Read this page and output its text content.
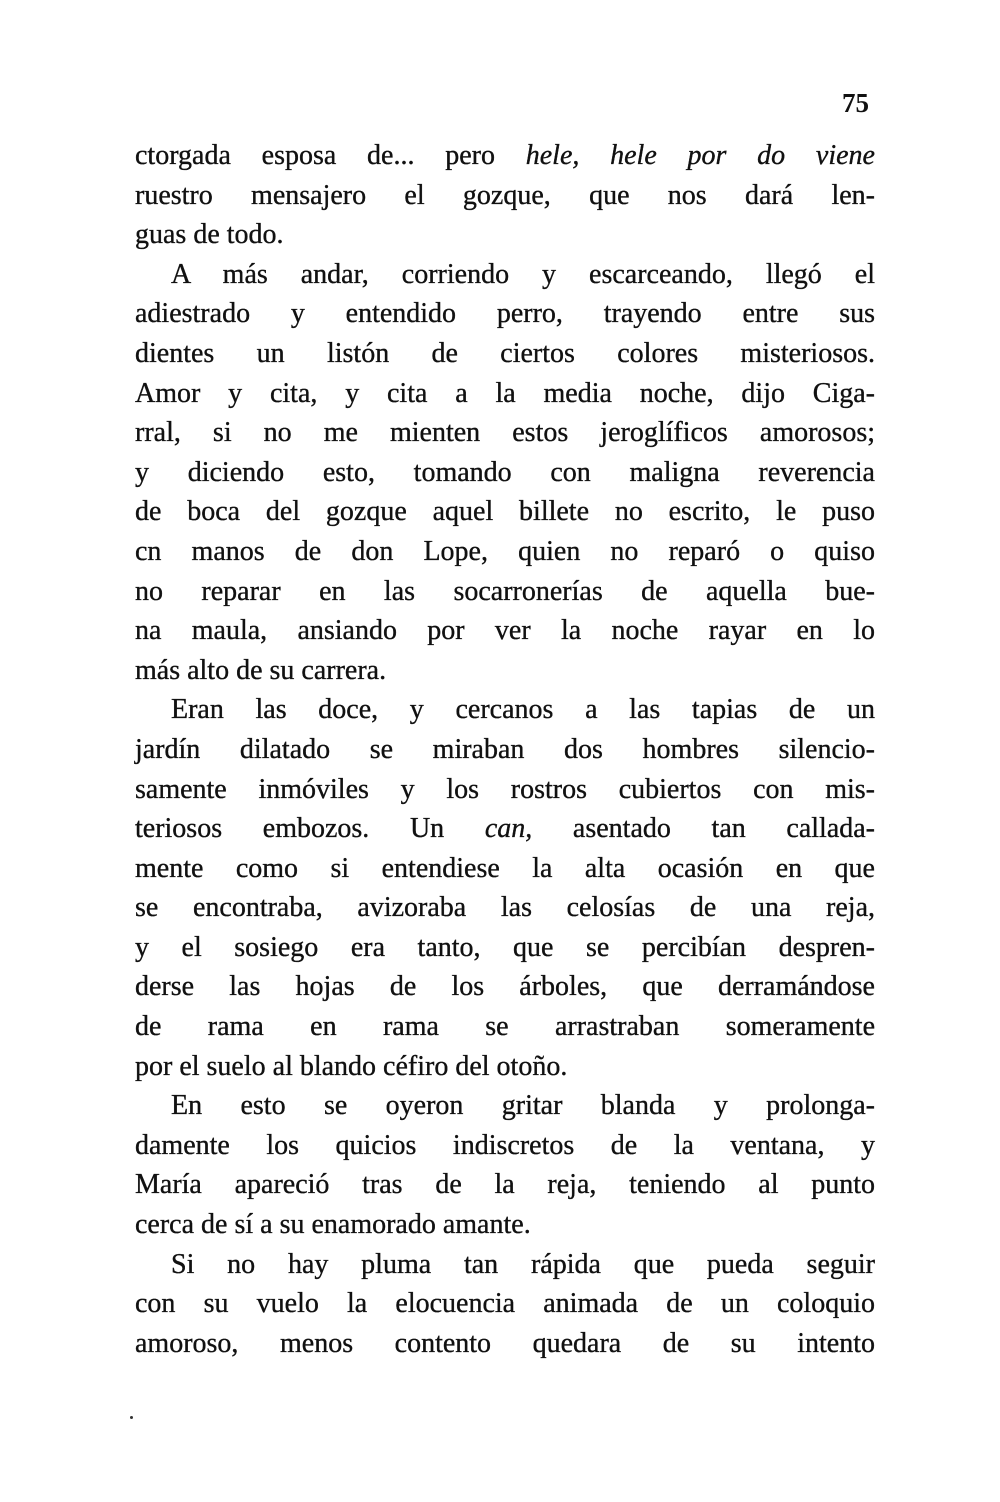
75
ctorgada esposa de... pero hele, hele por do viene
ruestro mensajero el gozque, que nos dará len-
guas de todo.
A más andar, corriendo y escarceando, llegó el
adiestrado y entendido perro, trayendo entre sus
dientes un listón de ciertos colores misteriosos.
Amor y cita, y cita a la media noche, dijo Ciga-
rral, si no me mienten estos jeroglíficos amorosos;
y diciendo esto, tomando con maligna reverencia
de boca del gozque aquel billete no escrito, le puso
cn manos de don Lope, quien no reparó o quiso
no reparar en las socarronerías de aquella bue-
na maula, ansiando por ver la noche rayar en lo
más alto de su carrera.
Eran las doce, y cercanos a las tapias de un
jardín dilatado se miraban dos hombres silencio-
samente inmóviles y los rostros cubiertos con mis-
teriosos embozos. Un can, asentado tan callada-
mente como si entendiese la alta ocasión en que
se encontraba, avizoraba las celosías de una reja,
y el sosiego era tanto, que se percibían despren-
derse las hojas de los árboles, que derramándose
de rama en rama se arrastraban someramente
por el suelo al blando céfiro del otoño.
En esto se oyeron gritar blanda y prolonga-
damente los quicios indiscretos de la ventana, y
María apareció tras de la reja, teniendo al punto
cerca de sí a su enamorado amante.
Si no hay pluma tan rápida que pueda seguir
con su vuelo la elocuencia animada de un coloquio
amoroso, menos contento quedara de su intento
